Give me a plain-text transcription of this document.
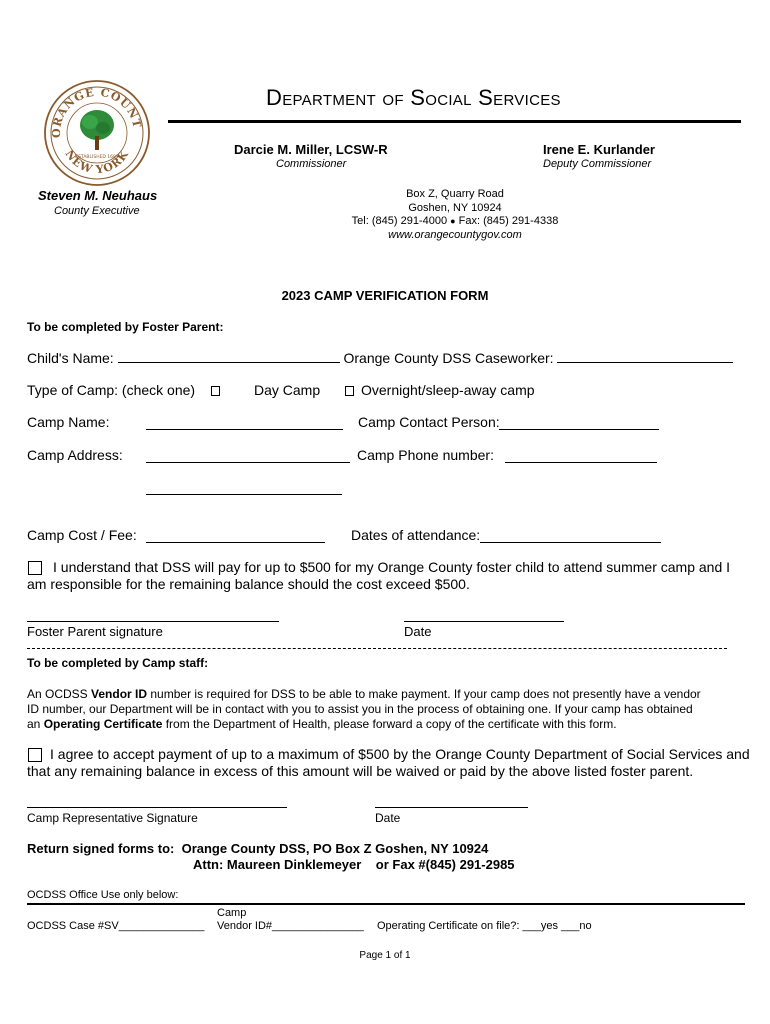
ORANGE COUNT
NEW YORK
ESTABLISHED 1683
Department of Social Services
Darcie M. Miller, LCSW-R
Commissioner
Irene E. Kurlander
Deputy Commissioner
Steven M. Neuhaus
County Executive
Box Z, Quarry Road
Goshen, NY 10924
Tel: (845) 291-4000 ● Fax: (845) 291-4338
www.orangecountygov.com
2023 CAMP VERIFICATION FORM
To be completed by Foster Parent:
Child's Name:	Orange County DSS Caseworker:
Type of Camp: (check one)	Day Camp	Overnight/sleep-away camp
Camp Name:	Camp Contact Person:
Camp Address:	Camp Phone number:
Camp Cost / Fee:	Dates of attendance:
I understand that DSS will pay for up to $500 for my Orange County foster child to attend summer camp and I
am responsible for the remaining balance should the cost exceed $500.
Foster Parent signature	Date
To be completed by Camp staff:
An OCDSS Vendor ID number is required for DSS to be able to make payment. If your camp does not presently have a vendor
ID number, our Department will be in contact with you to assist you in the process of obtaining one. If your camp has obtained
an Operating Certificate from the Department of Health, please forward a copy of the certificate with this form.
I agree to accept payment of up to a maximum of $500 by the Orange County Department of Social Services and
that any remaining balance in excess of this amount will be waived or paid by the above listed foster parent.
Camp Representative Signature	Date
Return signed forms to: Orange County DSS, PO Box Z Goshen, NY 10924
Attn: Maureen Dinklemeyer or Fax #(845) 291-2985
OCDSS Office Use only below:
OCDSS Case #SV______________
Camp
Vendor ID#_______________ Operating Certificate on file?: ___yes ___no
Page 1 of 1
